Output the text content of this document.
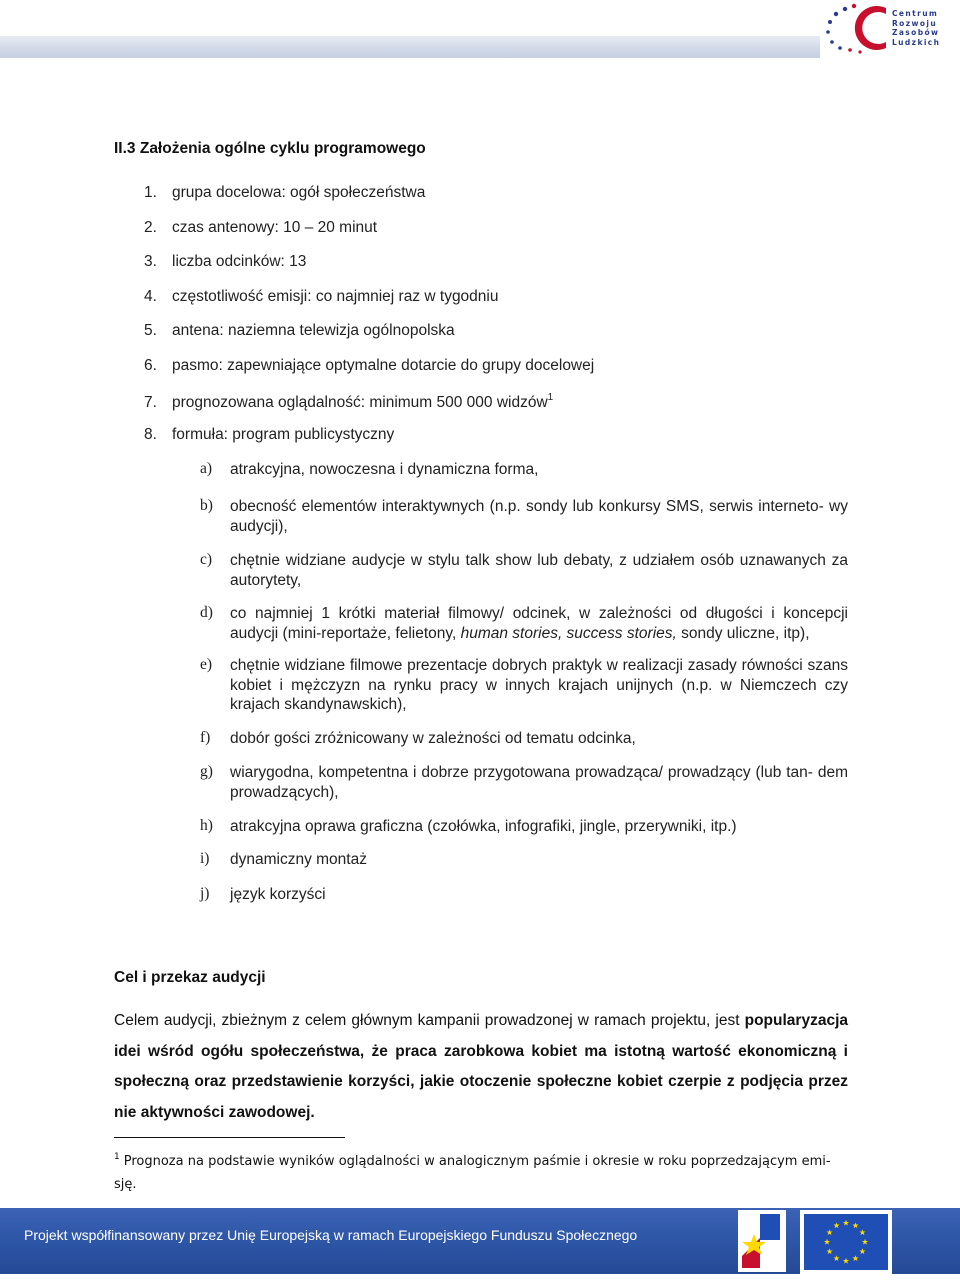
Centrum
Rozwoju
Zasobów
Ludzkich
II.3 Założenia ogólne cyklu programowego
1. grupa docelowa: ogół społeczeństwa
2. czas antenowy: 10 – 20 minut
3. liczba odcinków: 13
4. częstotliwość emisji: co najmniej raz w tygodniu
5. antena: naziemna telewizja ogólnopolska
6. pasmo: zapewniające optymalne dotarcie do grupy docelowej
7. prognozowana oglądalność: minimum 500 000 widzów$^1$
8. formuła: program publicystyczny
a) atrakcyjna, nowoczesna i dynamiczna forma,
b) obecność elementów interaktywnych (n.p. sondy lub konkursy SMS, serwis interneto- wy audycji),
c) chętnie widziane audycje w stylu talk show lub debaty, z udziałem osób uznawanych za autorytety,
d) co najmniej 1 krótki materiał filmowy/ odcinek, w zależności od długości i koncepcji audycji (mini-reportaże, felietony, human stories, success stories, sondy uliczne, itp),
e) chętnie widziane filmowe prezentacje dobrych praktyk w realizacji zasady równości szans kobiet i mężczyzn na rynku pracy w innych krajach unijnych (n.p. w Niemczech czy krajach skandynawskich),
f) dobór gości zróżnicowany w zależności od tematu odcinka,
g) wiarygodna, kompetentna i dobrze przygotowana prowadząca/ prowadzący (lub tan- dem prowadzących),
h) atrakcyjna oprawa graficzna (czołówka, infografiki, jingle, przerywniki, itp.)
i) dynamiczny montaż
j) język korzyści
Cel i przekaz audycji
Celem audycji, zbieżnym z celem głównym kampanii prowadzonej w ramach projektu, jest popularyzacja idei wśród ogółu społeczeństwa, że praca zarobkowa kobiet ma istotną wartość ekonomiczną i społeczną oraz przedstawienie korzyści, jakie otoczenie społeczne kobiet czerpie z podjęcia przez nie aktywności zawodowej.
$^1$ Prognoza na podstawie wyników oglądalności w analogicznym paśmie i okresie w roku poprzedzającym emi- sję.
Projekt współfinansowany przez Unię Europejską w ramach Europejskiego Funduszu Społecznego
